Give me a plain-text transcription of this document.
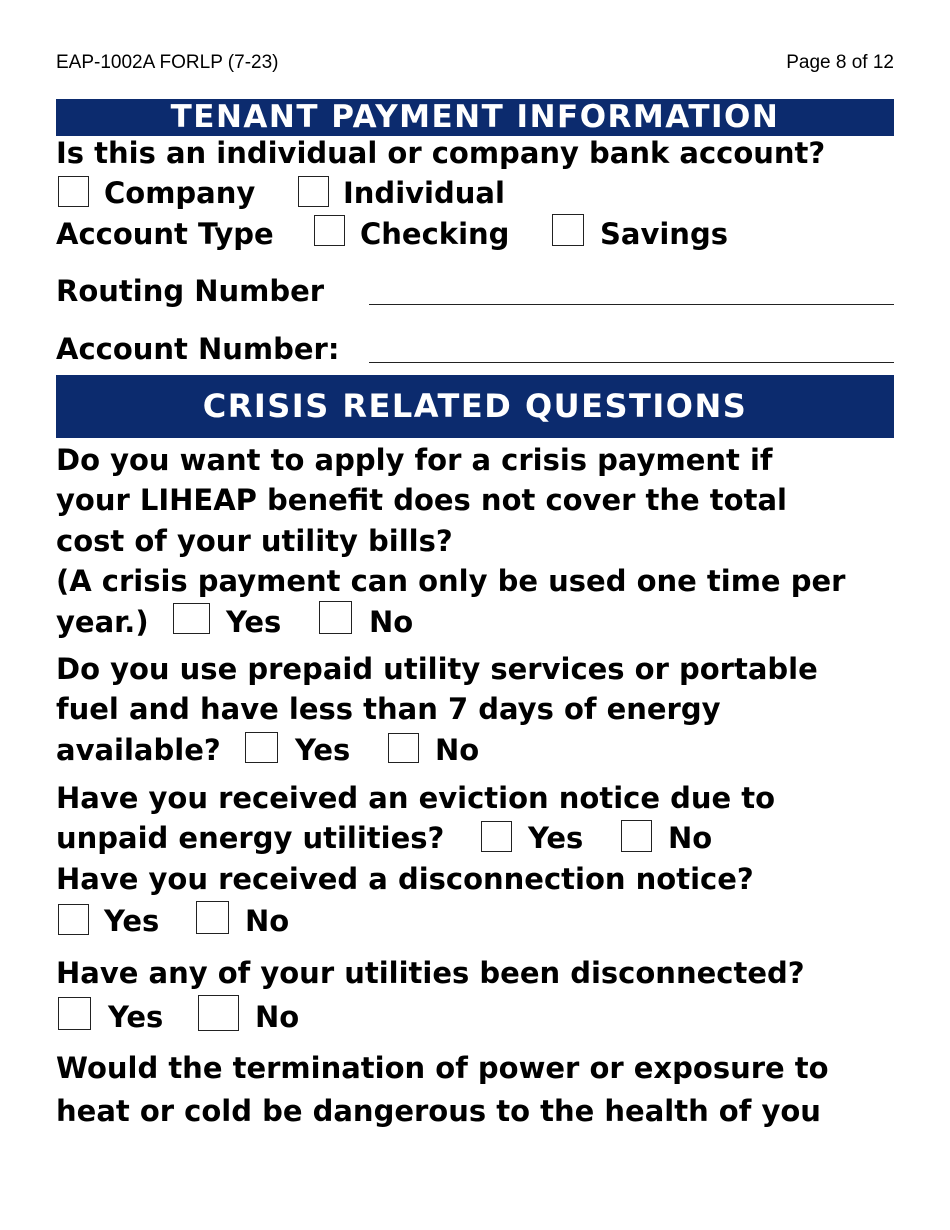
EAP-1002A FORLP (7-23)	Page 8 of 12
TENANT PAYMENT INFORMATION
Is this an individual or company bank account?
Company	Individual
Account Type	Checking	Savings
Routing Number
Account Number:
CRISIS RELATED QUESTIONS
Do you want to apply for a crisis payment if
your LIHEAP benefit does not cover the total
cost of your utility bills?
(A crisis payment can only be used one time per
year.)	Yes	No
Do you use prepaid utility services or portable
fuel and have less than 7 days of energy
available?	Yes	No
Have you received an eviction notice due to
unpaid energy utilities?	Yes	No
Have you received a disconnection notice?
Yes	No
Have any of your utilities been disconnected?
Yes	No
Would the termination of power or exposure to
heat or cold be dangerous to the health of you
